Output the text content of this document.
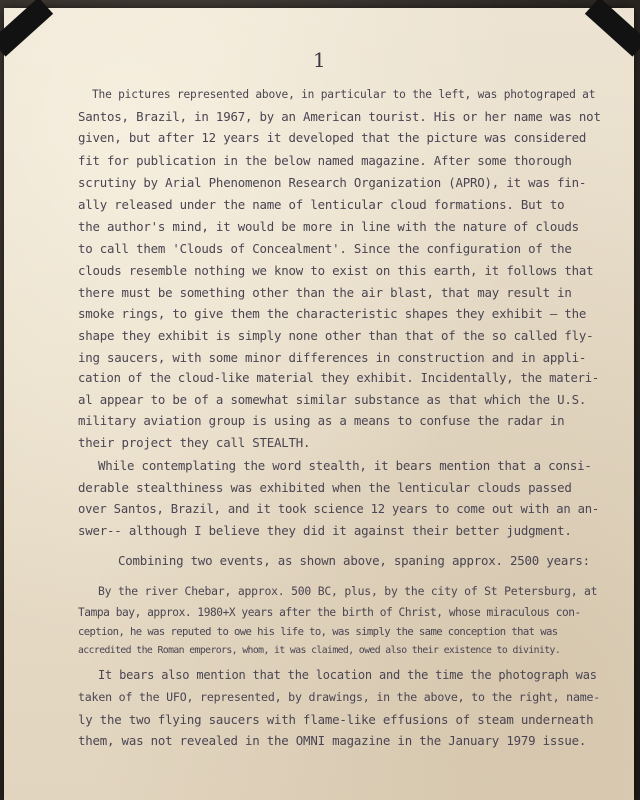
1

The pictures represented above, in particular to the left, was photograped at

Santos, Brazil, in 1967, by an American tourist. His or her name was not

given, but after 12 years it developed that the picture was considered

fit for publication in the below named magazine. After some thorough

scrutiny by Arial Phenomenon Research Organization (APRO), it was fin-

ally released under the name of lenticular cloud formations. But to

the author's mind, it would be more in line with the nature of clouds

to call them 'Clouds of Concealment'. Since the configuration of the

clouds resemble nothing we know to exist on this earth, it follows that

there must be something other than the air blast, that may result in

smoke rings, to give them the characteristic shapes they exhibit — the

shape they exhibit is simply none other than that of the so called fly-

ing saucers, with some minor differences in construction and in appli-

cation of the cloud-like material they exhibit. Incidentally, the materi-

al appear to be of a somewhat similar substance as that which the U.S.

military aviation group is using as a means to confuse the radar in

their project they call STEALTH.

While contemplating the word stealth, it bears mention that a consi-

derable stealthiness was exhibited when the lenticular clouds passed

over Santos, Brazil, and it took science 12 years to come out with an an-

swer-- although I believe they did it against their better judgment.

Combining two events, as shown above, spaning approx. 2500 years:

By the river Chebar, approx. 500 BC, plus, by the city of St Petersburg, at

Tampa bay, approx. 1980+X years after the birth of Christ, whose miraculous con-

ception, he was reputed to owe his life to, was simply the same conception that was

accredited the Roman emperors, whom, it was claimed, owed also their existence to divinity.

It bears also mention that the location and the time the photograph was

taken of the UFO, represented, by drawings, in the above, to the right, name-

ly the two flying saucers with flame-like effusions of steam underneath

them, was not revealed in the OMNI magazine in the January 1979 issue.
